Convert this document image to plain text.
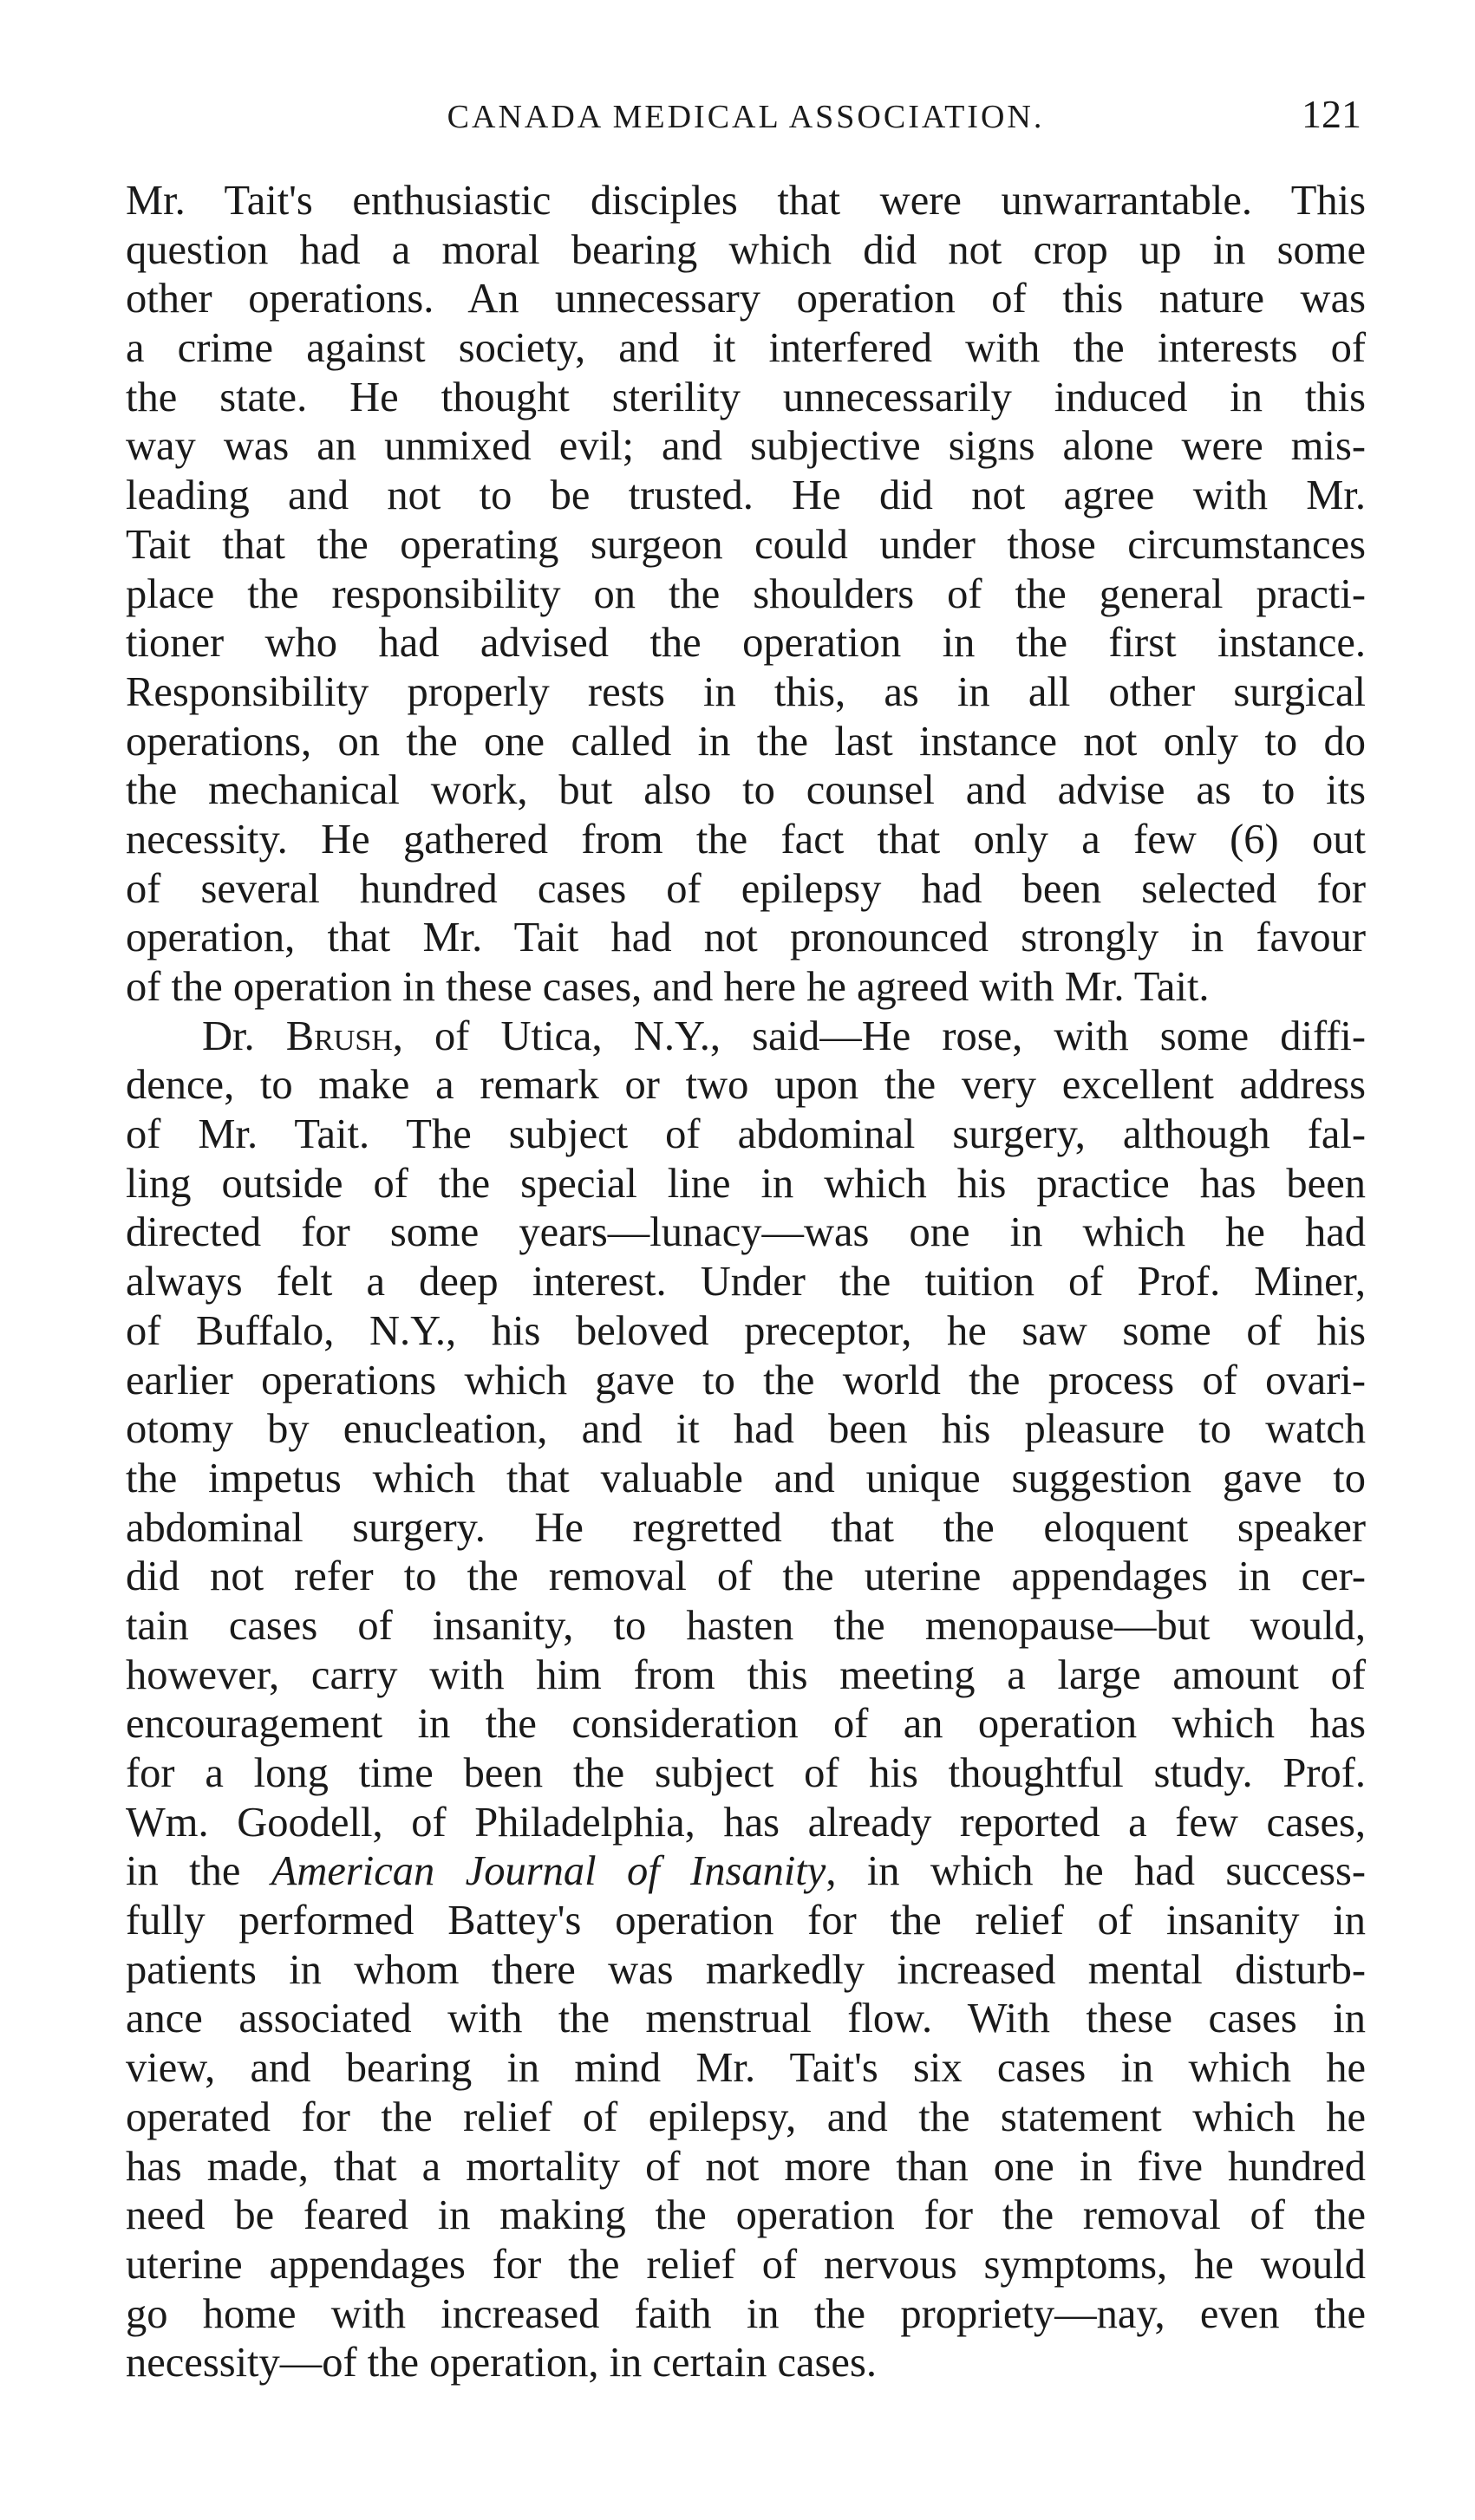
CANADA MEDICAL ASSOCIATION.	121
Mr. Tait's enthusiastic disciples that were unwarrantable. This
question had a moral bearing which did not crop up in some
other operations. An unnecessary operation of this nature was
a crime against society, and it interfered with the interests of
the state. He thought sterility unnecessarily induced in this
way was an unmixed evil; and subjective signs alone were mis-
leading and not to be trusted. He did not agree with Mr.
Tait that the operating surgeon could under those circumstances
place the responsibility on the shoulders of the general practi-
tioner who had advised the operation in the first instance.
Responsibility properly rests in this, as in all other surgical
operations, on the one called in the last instance not only to do
the mechanical work, but also to counsel and advise as to its
necessity. He gathered from the fact that only a few (6) out
of several hundred cases of epilepsy had been selected for
operation, that Mr. Tait had not pronounced strongly in favour
of the operation in these cases, and here he agreed with Mr. Tait.
Dr. Brush, of Utica, N.Y., said—He rose, with some diffi-
dence, to make a remark or two upon the very excellent address
of Mr. Tait. The subject of abdominal surgery, although fal-
ling outside of the special line in which his practice has been
directed for some years—lunacy—was one in which he had
always felt a deep interest. Under the tuition of Prof. Miner,
of Buffalo, N.Y., his beloved preceptor, he saw some of his
earlier operations which gave to the world the process of ovari-
otomy by enucleation, and it had been his pleasure to watch
the impetus which that valuable and unique suggestion gave to
abdominal surgery. He regretted that the eloquent speaker
did not refer to the removal of the uterine appendages in cer-
tain cases of insanity, to hasten the menopause—but would,
however, carry with him from this meeting a large amount of
encouragement in the consideration of an operation which has
for a long time been the subject of his thoughtful study. Prof.
Wm. Goodell, of Philadelphia, has already reported a few cases,
in the American Journal of Insanity, in which he had success-
fully performed Battey's operation for the relief of insanity in
patients in whom there was markedly increased mental disturb-
ance associated with the menstrual flow. With these cases in
view, and bearing in mind Mr. Tait's six cases in which he
operated for the relief of epilepsy, and the statement which he
has made, that a mortality of not more than one in five hundred
need be feared in making the operation for the removal of the
uterine appendages for the relief of nervous symptoms, he would
go home with increased faith in the propriety—nay, even the
necessity—of the operation, in certain cases.
